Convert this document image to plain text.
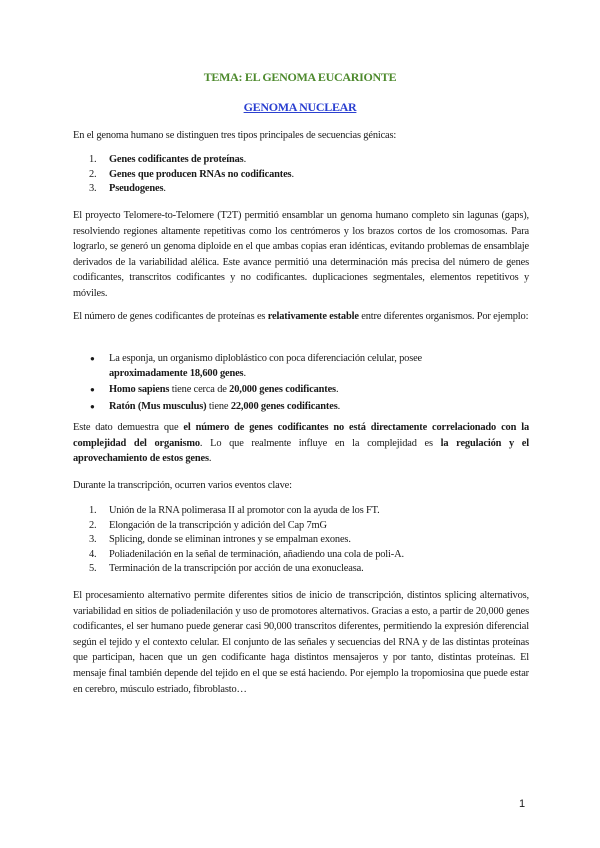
TEMA: EL GENOMA EUCARIONTE
GENOMA NUCLEAR
En el genoma humano se distinguen tres tipos principales de secuencias génicas:
1. Genes codificantes de proteínas.
2. Genes que producen RNAs no codificantes.
3. Pseudogenes.
El proyecto Telomere-to-Telomere (T2T) permitió ensamblar un genoma humano completo sin lagunas (gaps), resolviendo regiones altamente repetitivas como los centrómeros y los brazos cortos de los cromosomas. Para lograrlo, se generó un genoma diploide en el que ambas copias eran idénticas, evitando problemas de ensamblaje derivados de la variabilidad alélica. Este avance permitió una determinación más precisa del número de genes codificantes, transcritos codificantes y no codificantes. duplicaciones segmentales, elementos repetitivos y móviles.
El número de genes codificantes de proteínas es relativamente estable entre diferentes organismos. Por ejemplo:
● La esponja, un organismo diploblástico con poca diferenciación celular, posee aproximadamente 18,600 genes.
● Homo sapiens tiene cerca de 20,000 genes codificantes.
● Ratón (Mus musculus) tiene 22,000 genes codificantes.
Este dato demuestra que el número de genes codificantes no está directamente correlacionado con la complejidad del organismo. Lo que realmente influye en la complejidad es la regulación y el aprovechamiento de estos genes.
Durante la transcripción, ocurren varios eventos clave:
1. Unión de la RNA polimerasa II al promotor con la ayuda de los FT.
2. Elongación de la transcripción y adición del Cap 7mG
3. Splicing, donde se eliminan intrones y se empalman exones.
4. Poliadenilación en la señal de terminación, añadiendo una cola de poli-A.
5. Terminación de la transcripción por acción de una exonucleasa.
El procesamiento alternativo permite diferentes sitios de inicio de transcripción, distintos splicing alternativos, variabilidad en sitios de poliadenilación y uso de promotores alternativos. Gracias a esto, a partir de 20,000 genes codificantes, el ser humano puede generar casi 90,000 transcritos diferentes, permitiendo la expresión diferencial según el tejido y el contexto celular. El conjunto de las señales y secuencias del RNA y de las distintas proteínas que participan, hacen que un gen codificante haga distintos mensajeros y por tanto, distintas proteínas. El mensaje final también depende del tejido en el que se está haciendo. Por ejemplo la tropomiosina que puede estar en cerebro, músculo estriado, fibroblasto…
1
